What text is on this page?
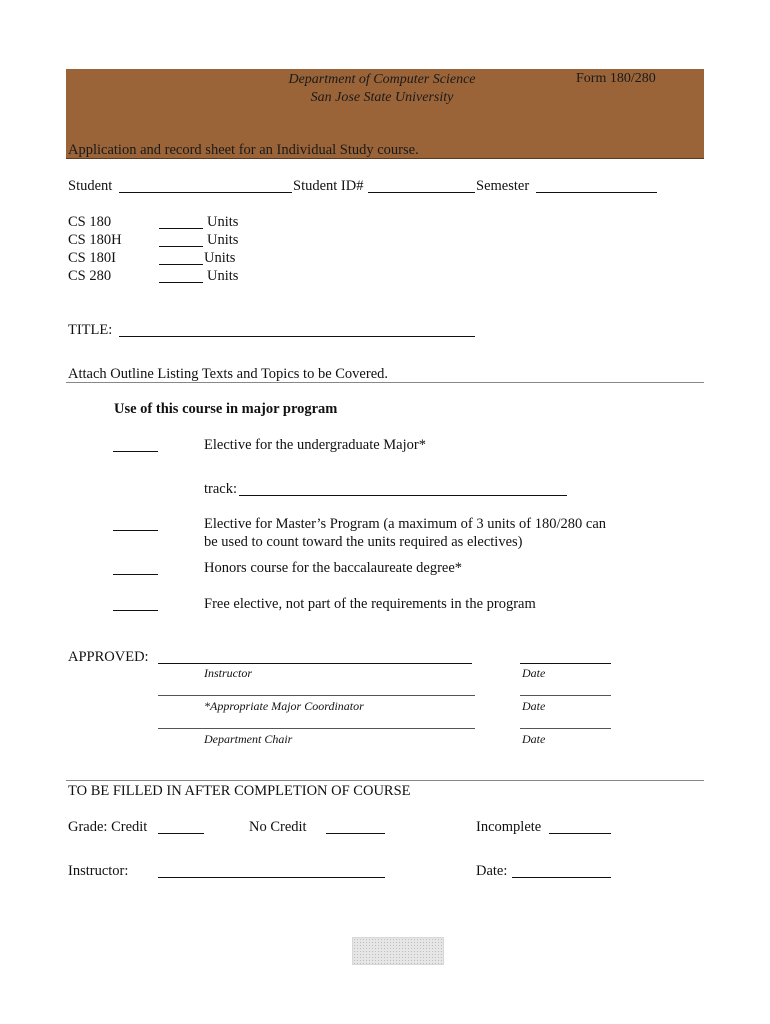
Department of Computer Science
San Jose State University
Form 180/280
Application and record sheet for an Individual Study course.
Student	Student ID#	Semester
CS 180	Units
CS 180H	Units
CS 180I	Units
CS 280	Units
TITLE:
Attach Outline Listing Texts and Topics to be Covered.
Use of this course in major program
Elective for the undergraduate Major*
track:
Elective for Master’s Program (a maximum of 3 units of 180/280 can
be used to count toward the units required as electives)
Honors course for the baccalaureate degree*
Free elective, not part of the requirements in the program
APPROVED:
Instructor	Date
*Appropriate Major Coordinator	Date
Department Chair	Date
TO BE FILLED IN AFTER COMPLETION OF COURSE
Grade: Credit	No Credit	Incomplete
Instructor:	Date:
